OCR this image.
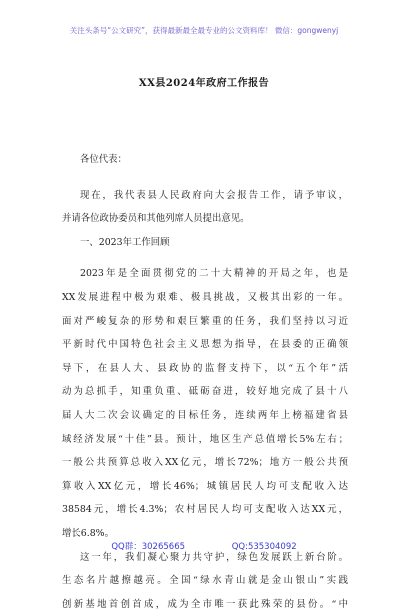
关注头条号“公文研究”，获得最新最全最专业的公文资料库！ 微信：gongwenyj
XX县2024年政府工作报告

各位代表：

现在，我代表县人民政府向大会报告工作，请予审议，
并请各位政协委员和其他列席人员提出意见。
一、2023年工作回顾
2023年是全面贯彻党的二十大精神的开局之年，也是
XX发展进程中极为艰难、极具挑战，又极其出彩的一年。
面对严峻复杂的形势和艰巨繁重的任务，我们坚持以习近
平新时代中国特色社会主义思想为指导，在县委的正确领
导下，在县人大、县政协的监督支持下，以“五个年”活
动为总抓手，知重负重、砥砺奋进，较好地完成了县十八
届人大二次会议确定的目标任务，连续两年上榜福建省县
域经济发展“十佳”县。预计，地区生产总值增长5%左右；
一般公共预算总收入XX亿元，增长72%；地方一般公共预
算收入XX亿元，增长46%；城镇居民人均可支配收入达
38584元，增长4.3%；农村居民人均可支配收入达XX元，
增长6.8%。
这一年，我们凝心聚力共守护，绿色发展跃上新台阶。
生态名片越擦越亮。全国“绿水青山就是金山银山”实践
创新基地首创首成，成为全市唯一获此殊荣的县份。“中
QQ群：30265665	QQ:535304092
